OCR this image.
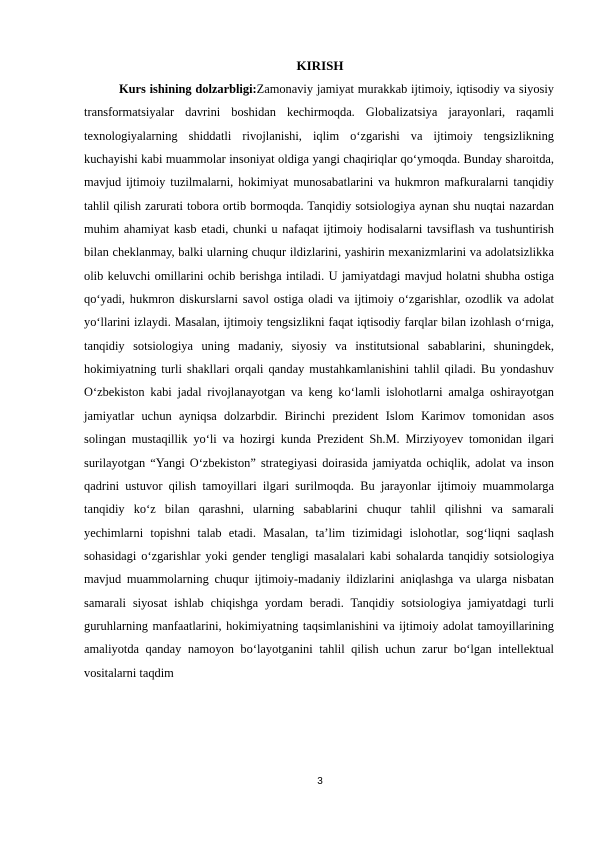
KIRISH

Kurs ishining dolzarbligi:Zamonaviy jamiyat murakkab ijtimoiy, iqtisodiy va siyosiy transformatsiyalar davrini boshidan kechirmoqda. Globalizatsiya jarayonlari, raqamli texnologiyalarning shiddatli rivojlanishi, iqlim o‘zgarishi va ijtimoiy tengsizlikning kuchayishi kabi muammolar insoniyat oldiga yangi chaqiriqlar qo‘ymoqda. Bunday sharoitda, mavjud ijtimoiy tuzilmalarni, hokimiyat munosabatlarini va hukmron mafkuralarni tanqidiy tahlil qilish zarurati tobora ortib bormoqda. Tanqidiy sotsiologiya aynan shu nuqtai nazardan muhim ahamiyat kasb etadi, chunki u nafaqat ijtimoiy hodisalarni tavsiflash va tushuntirish bilan cheklanmay, balki ularning chuqur ildizlarini, yashirin mexanizmlarini va adolatsizlikka olib keluvchi omillarini ochib berishga intiladi. U jamiyatdagi mavjud holatni shubha ostiga qo‘yadi, hukmron diskurslarni savol ostiga oladi va ijtimoiy o‘zgarishlar, ozodlik va adolat yo‘llarini izlaydi. Masalan, ijtimoiy tengsizlikni faqat iqtisodiy farqlar bilan izohlash o‘rniga, tanqidiy sotsiologiya uning madaniy, siyosiy va institutsional sabablarini, shuningdek, hokimiyatning turli shakllari orqali qanday mustahkamlanishini tahlil qiladi. Bu yondashuv O‘zbekiston kabi jadal rivojlanayotgan va keng ko‘lamli islohotlarni amalga oshirayotgan jamiyatlar uchun ayniqsa dolzarbdir. Birinchi prezident Islom Karimov tomonidan asos solingan mustaqillik yo‘li va hozirgi kunda Prezident Sh.M. Mirziyoyev tomonidan ilgari surilayotgan “Yangi O‘zbekiston” strategiyasi doirasida jamiyatda ochiqlik, adolat va inson qadrini ustuvor qilish tamoyillari ilgari surilmoqda. Bu jarayonlar ijtimoiy muammolarga tanqidiy ko‘z bilan qarashni, ularning sabablarini chuqur tahlil qilishni va samarali yechimlarni topishni talab etadi. Masalan, ta’lim tizimidagi islohotlar, sog‘liqni saqlash sohasidagi o‘zgarishlar yoki gender tengligi masalalari kabi sohalarda tanqidiy sotsiologiya mavjud muammolarning chuqur ijtimoiy-madaniy ildizlarini aniqlashga va ularga nisbatan samarali siyosat ishlab chiqishga yordam beradi. Tanqidiy sotsiologiya jamiyatdagi turli guruhlarning manfaatlarini, hokimiyatning taqsimlanishini va ijtimoiy adolat tamoyillarining amaliyotda qanday namoyon bo‘layotganini tahlil qilish uchun zarur bo‘lgan intellektual vositalarni taqdim

3
